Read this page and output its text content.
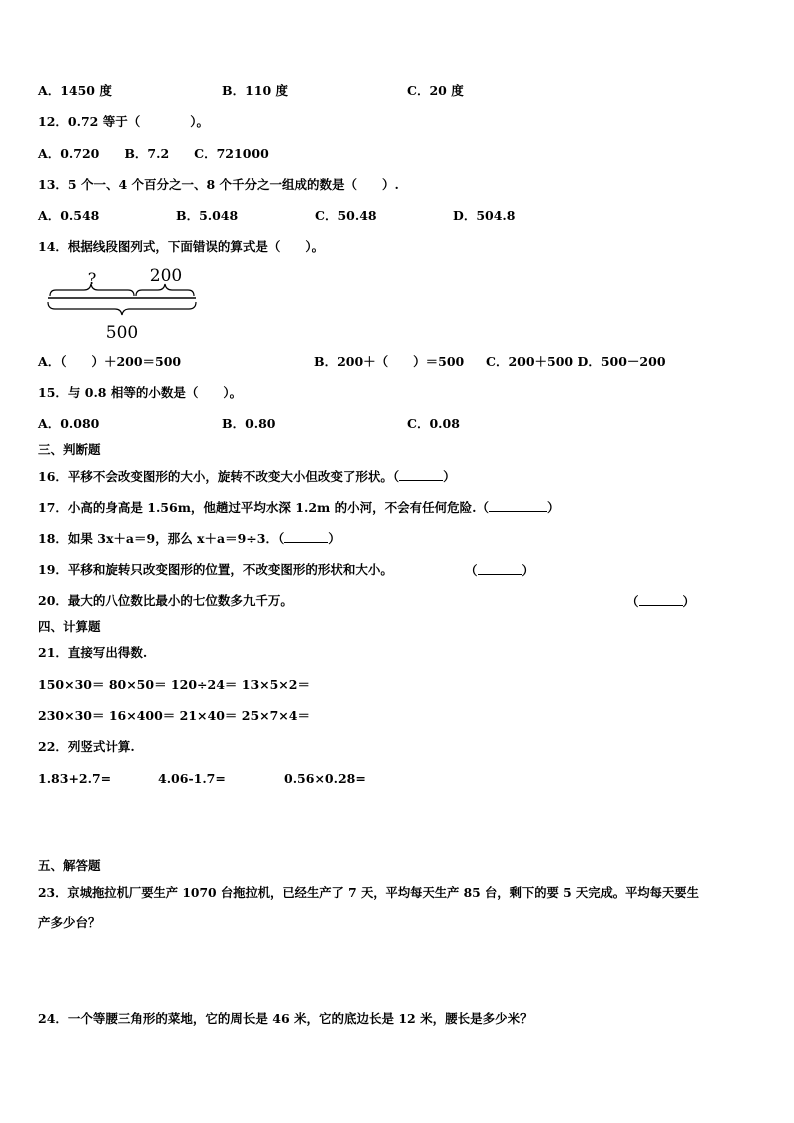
A．1450 度	B．110 度	C．20 度
12．0.72 等于（　　　　）。
A．0.720　　B．7.2　　C．721000
13．5 个一、4 个百分之一、8 个千分之一组成的数是（　　）.
A．0.548	B．5.048	C．50.48	D．504.8
14．根据线段图列式，下面错误的算式是（　　）。
?	200
500
A．（　　）＋200＝500	B．200＋（　　）＝500 C．200＋500 D．500－200
15．与 0.8 相等的小数是（　　）。
A．0.080	B．0.80	C．0.08
三、判断题
16．平移不会改变图形的大小，旋转不改变大小但改变了形状。（	）
17．小高的身高是 1.56m，他趟过平均水深 1.2m 的小河，不会有任何危险.（	）
18．如果 3x＋a＝9，那么 x＋a＝9÷3．（	）
19．平移和旋转只改变图形的位置，不改变图形的形状和大小。	（	）
20．最大的八位数比最小的七位数多九千万。	（	）
四、计算题
21．直接写出得数.
150×30＝ 80×50＝ 120÷24＝ 13×5×2＝
230×30＝ 16×400＝ 21×40＝ 25×7×4＝
22．列竖式计算.
1.83+2.7=	4.06-1.7=	0.56×0.28=
五、解答题
23．京城拖拉机厂要生产 1070 台拖拉机，已经生产了 7 天，平均每天生产 85 台，剩下的要 5 天完成。平均每天要生
产多少台？
24．一个等腰三角形的菜地，它的周长是 46 米，它的底边长是 12 米，腰长是多少米？
